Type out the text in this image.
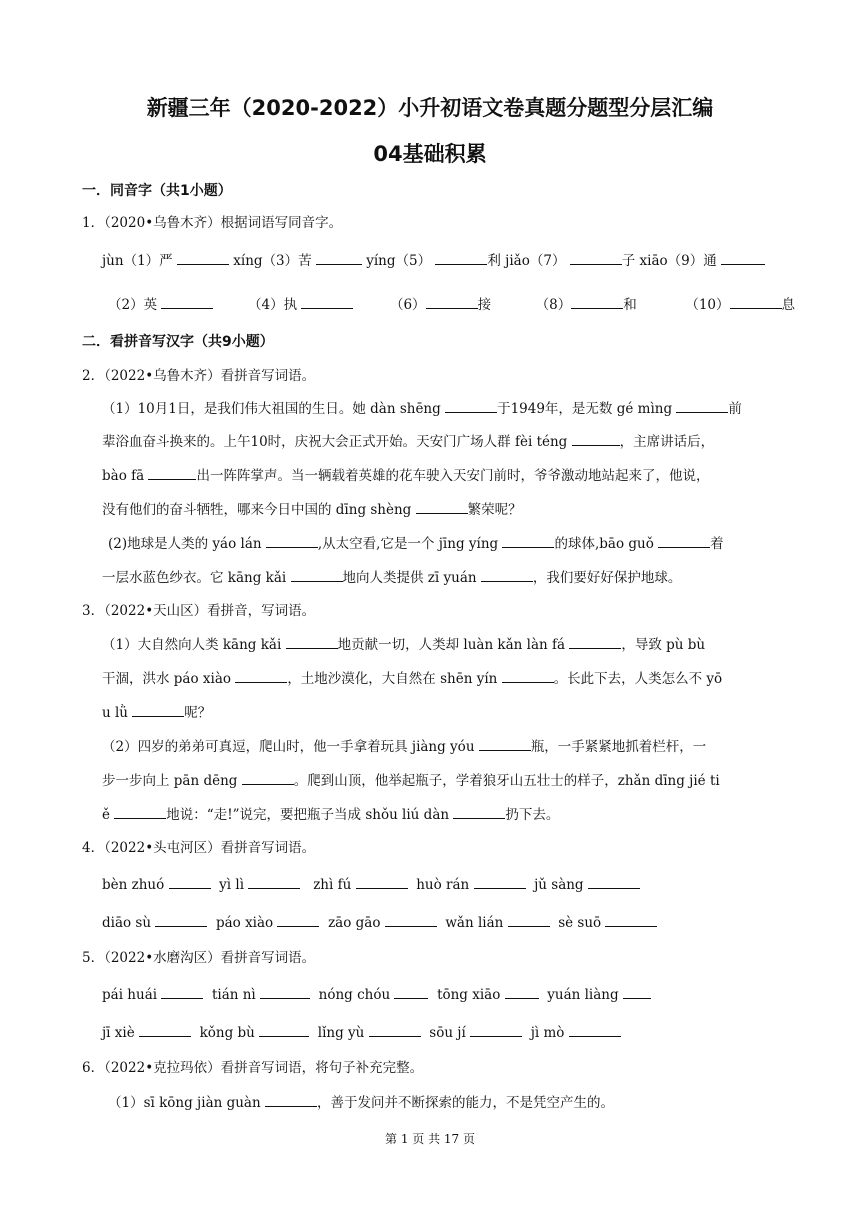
新疆三年（2020-2022）小升初语文卷真题分题型分层汇编
04基础积累
一．同音字（共1小题）
1．（2020•乌鲁木齐）根据词语写同音字。
jùn（1）严	xíng（3）苦	yíng（5）	利 jiǎo（7）	子 xiāo（9）通
（2）英	（4）执	（6）	接	（8）	和	（10）	息
二．看拼音写汉字（共9小题）
2．（2022•乌鲁木齐）看拼音写词语。
（1）10月1日，是我们伟大祖国的生日。她 dàn shēng	于1949年，是无数 gé mìng	前
辈浴血奋斗换来的。上午10时，庆祝大会正式开始。天安门广场人群 fèi téng	，主席讲话后，
bào fā	出一阵阵掌声。当一辆载着英雄的花车驶入天安门前时，爷爷激动地站起来了，他说，
没有他们的奋斗牺牲，哪来今日中国的 dīng shèng	繁荣呢？
(2)地球是人类的 yáo lán	,从太空看,它是一个 jīng yíng	的球体,bāo guǒ	着
一层水蓝色纱衣。它 kāng kǎi	地向人类提供 zī yuán	，我们要好好保护地球。
3．（2022•天山区）看拼音，写词语。
（1）大自然向人类 kāng kǎi	地贡献一切，人类却 luàn kǎn làn fá	，导致 pù bù
干涸，洪水 páo xiào	，土地沙漠化，大自然在 shēn yín	。长此下去，人类怎么不 yō
u lǜ	呢？
（2）四岁的弟弟可真逗，爬山时，他一手拿着玩具 jiàng yóu	瓶，一手紧紧地抓着栏杆，一
步一步向上 pān dēng	。爬到山顶，他举起瓶子，学着狼牙山五壮士的样子，zhǎn dīng jié ti
ě	地说：“走!”说完，要把瓶子当成 shǒu liú dàn	扔下去。
4．（2022•头屯河区）看拼音写词语。
bèn zhuó	yì lì	zhì fú	huò rán	jǔ sàng
diāo sù	páo xiào	zāo gāo	wǎn lián	sè suō
5．（2022•水磨沟区）看拼音写词语。
pái huái	tián nì	nóng chóu	tōng xiāo	yuán liàng
jī xiè	kǒng bù	lǐng yù	sōu jí	jì mò
6．（2022•克拉玛依）看拼音写词语，将句子补充完整。
（1）sī kōng jiàn guàn	，善于发问并不断探索的能力，不是凭空产生的。
第 1 页 共 17 页
